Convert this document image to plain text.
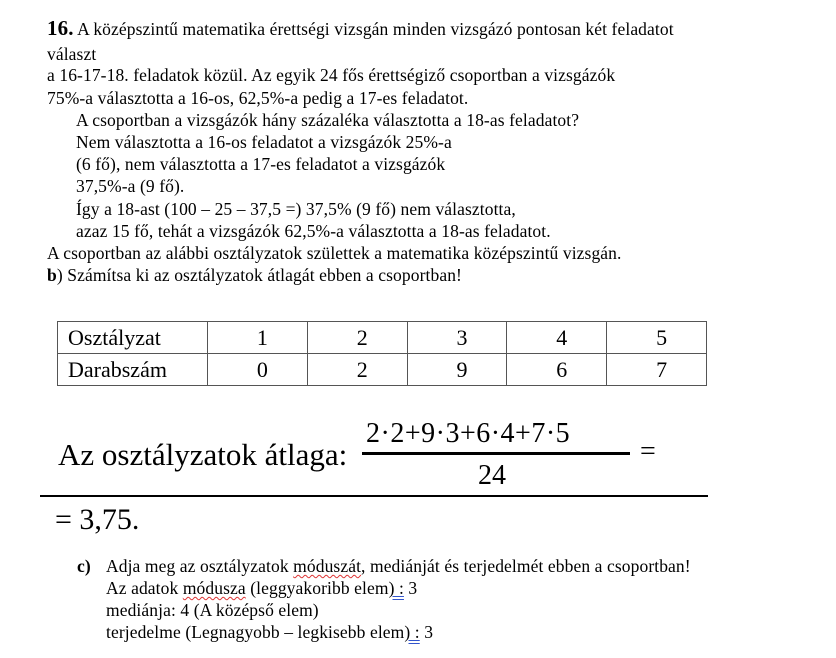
16. A középszintű matematika érettségi vizsgán minden vizsgázó pontosan két feladatot
választ
a 16-17-18. feladatok közül. Az egyik 24 fős érettségiző csoportban a vizsgázók
75%-a választotta a 16-os, 62,5%-a pedig a 17-es feladatot.
A csoportban a vizsgázók hány százaléka választotta a 18-as feladatot?
Nem választotta a 16-os feladatot a vizsgázók 25%-a
(6 fő), nem választotta a 17-es feladatot a vizsgázók
37,5%-a (9 fő).
Így a 18-ast (100 – 25 – 37,5 =) 37,5% (9 fő) nem választotta,
azaz 15 fő, tehát a vizsgázók 62,5%-a választotta a 18-as feladatot.
A csoportban az alábbi osztályzatok születtek a matematika középszintű vizsgán.
b) Számítsa ki az osztályzatok átlagát ebben a csoportban!
Osztályzat	1	2	3	4	5
Darabszám	0	2	9	6	7
Az osztályzatok átlaga:
2·2+9·3+6·4+7·5
24
=
= 3,75.
c) Adja meg az osztályzatok móduszát, mediánját és terjedelmét ebben a csoportban!
Az adatok módusza (leggyakoribb elem) : 3
mediánja: 4 (A középső elem)
terjedelme (Legnagyobb – legkisebb elem) : 3
